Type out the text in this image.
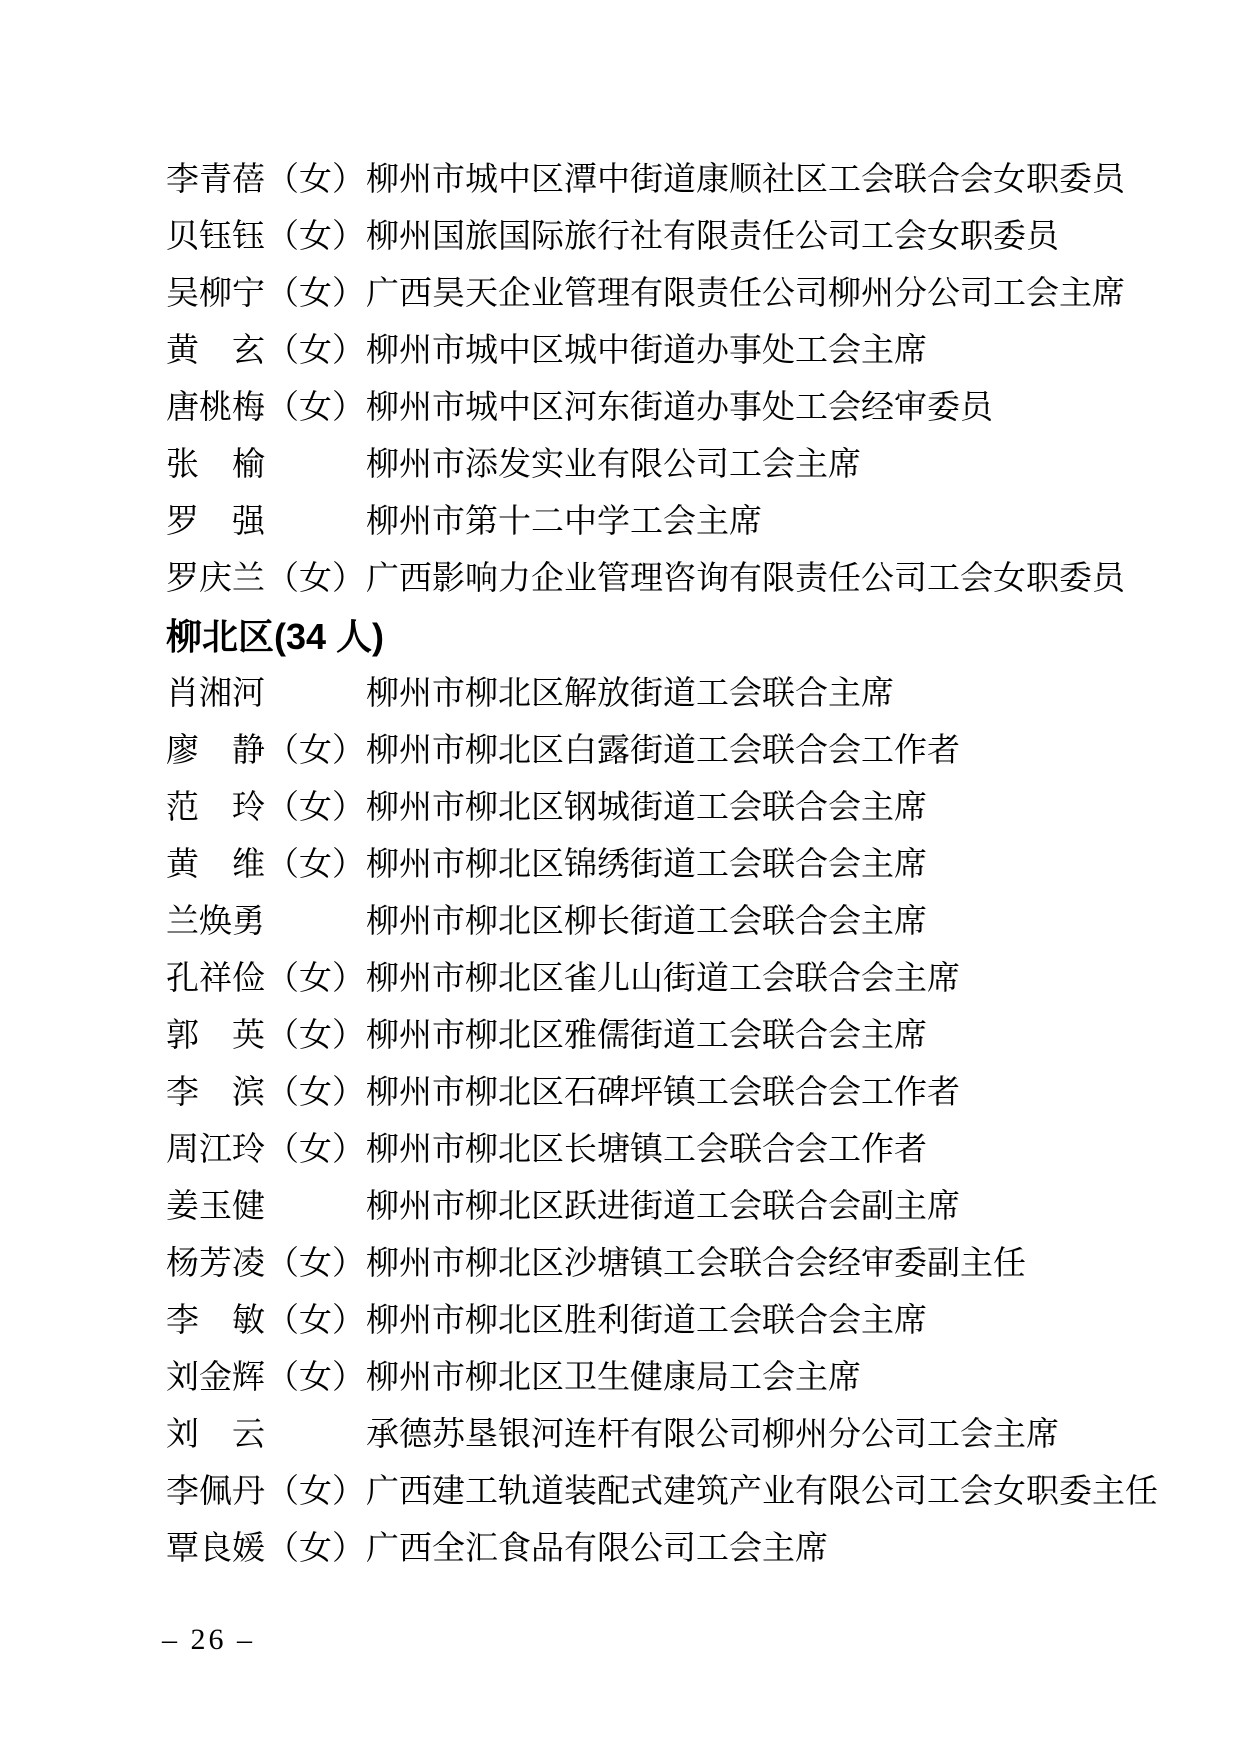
李青蓓 （女） 柳州市城中区潭中街道康顺社区工会联合会女职委员
贝钰钰 （女） 柳州国旅国际旅行社有限责任公司工会女职委员
吴柳宁 （女） 广西昊天企业管理有限责任公司柳州分公司工会主席
黄　玄 （女） 柳州市城中区城中街道办事处工会主席
唐桃梅 （女） 柳州市城中区河东街道办事处工会经审委员
张　榆	柳州市添发实业有限公司工会主席
罗　强	柳州市第十二中学工会主席
罗庆兰 （女） 广西影响力企业管理咨询有限责任公司工会女职委员
柳北区(34 人)
肖湘河	柳州市柳北区解放街道工会联合主席
廖　静 （女） 柳州市柳北区白露街道工会联合会工作者
范　玲 （女） 柳州市柳北区钢城街道工会联合会主席
黄　维 （女） 柳州市柳北区锦绣街道工会联合会主席
兰焕勇	柳州市柳北区柳长街道工会联合会主席
孔祥俭 （女） 柳州市柳北区雀儿山街道工会联合会主席
郭　英 （女） 柳州市柳北区雅儒街道工会联合会主席
李　滨 （女） 柳州市柳北区石碑坪镇工会联合会工作者
周江玲 （女） 柳州市柳北区长塘镇工会联合会工作者
姜玉健	柳州市柳北区跃进街道工会联合会副主席
杨芳凌 （女） 柳州市柳北区沙塘镇工会联合会经审委副主任
李　敏 （女） 柳州市柳北区胜利街道工会联合会主席
刘金辉 （女） 柳州市柳北区卫生健康局工会主席
刘　云	承德苏垦银河连杆有限公司柳州分公司工会主席
李佩丹 （女） 广西建工轨道装配式建筑产业有限公司工会女职委主任
覃良媛 （女） 广西全汇食品有限公司工会主席
– 26 –
